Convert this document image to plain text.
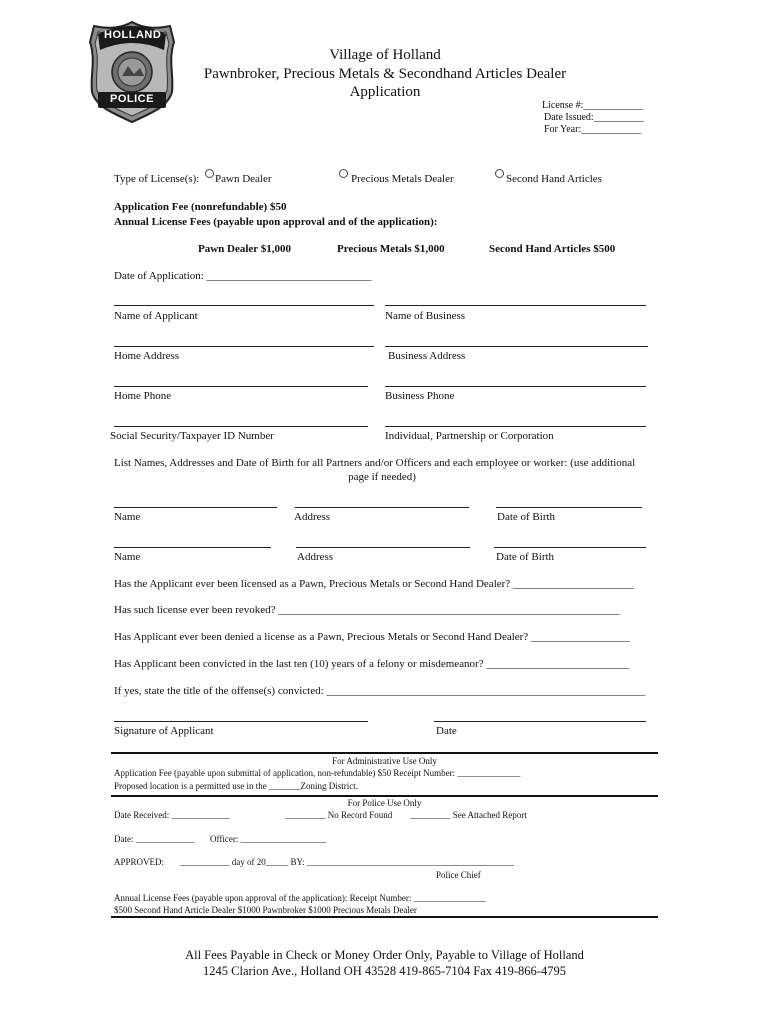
HOLLAND
POLICE
Village of Holland
Pawnbroker, Precious Metals & Secondhand Articles Dealer
Application
License #:____________
Date Issued:__________
For Year:____________
Type of License(s): Pawn Dealer	Precious Metals Dealer	Second Hand Articles
Application Fee (nonrefundable) $50
Annual License Fees (payable upon approval and of the application):
Pawn Dealer $1,000	Precious Metals $1,000	Second Hand Articles $500
Date of Application: ______________________________
Name of Applicant	Name of Business
Home Address	Business Address
Home Phone	Business Phone
Social Security/Taxpayer ID Number	Individual, Partnership or Corporation
List Names, Addresses and Date of Birth for all Partners and/or Officers and each employee or worker: (use additional
page if needed)
Name	Address	Date of Birth
Name	Address	Date of Birth
Has the Applicant ever been licensed as a Pawn, Precious Metals or Second Hand Dealer? ______________________
Has such license ever been revoked? ______________________________________________________________
Has Applicant ever been denied a license as a Pawn, Precious Metals or Second Hand Dealer? __________________
Has Applicant been convicted in the last ten (10) years of a felony or misdemeanor? __________________________
If yes, state the title of the offense(s) convicted: __________________________________________________________
Signature of Applicant	Date
For Administrative Use Only
Application Fee (payable upon submittal of application, non-refundable) $50 Receipt Number: ______________
Proposed location is a permitted use in the _______Zoning District.
For Police Use Only
Date Received: _____________	_________ No Record Found _________ See Attached Report
Date: _____________ Officer: ___________________
APPROVED: ___________ day of 20_____ BY: ______________________________________________
Police Chief
Annual License Fees (payable upon approval of the application): Receipt Number: ________________
$500 Second Hand Article Dealer $1000 Pawnbroker $1000 Precious Metals Dealer
All Fees Payable in Check or Money Order Only, Payable to Village of Holland
1245 Clarion Ave., Holland OH 43528 419-865-7104 Fax 419-866-4795
